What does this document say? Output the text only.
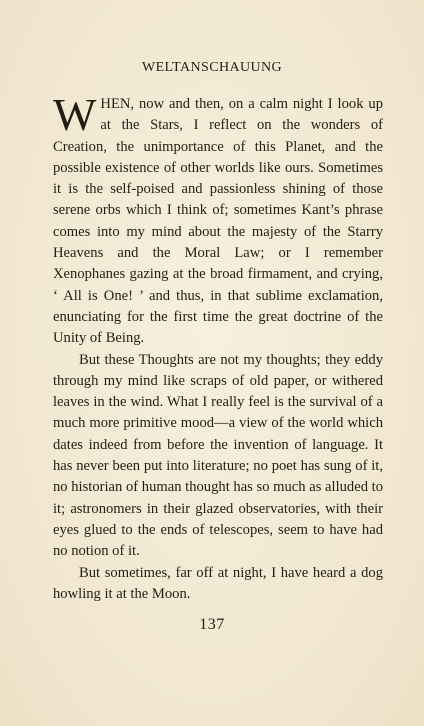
WELTANSCHAUUNG

WHEN, now and then, on a calm night I look up at the Stars, I reflect on the wonders of Creation, the unimportance of this Planet, and the possible existence of other worlds like ours. Sometimes it is the self-poised and passionless shining of those serene orbs which I think of; sometimes Kant’s phrase comes into my mind about the majesty of the Starry Heavens and the Moral Law; or I remember Xenophanes gazing at the broad firmament, and crying, ‘ All is One! ’ and thus, in that sublime exclamation, enunciating for the first time the great doctrine of the Unity of Being.

But these Thoughts are not my thoughts; they eddy through my mind like scraps of old paper, or withered leaves in the wind. What I really feel is the survival of a much more primitive mood—a view of the world which dates indeed from before the invention of language. It has never been put into literature; no poet has sung of it, no historian of human thought has so much as alluded to it; astronomers in their glazed observatories, with their eyes glued to the ends of telescopes, seem to have had no notion of it.

But sometimes, far off at night, I have heard a dog howling it at the Moon.

137
